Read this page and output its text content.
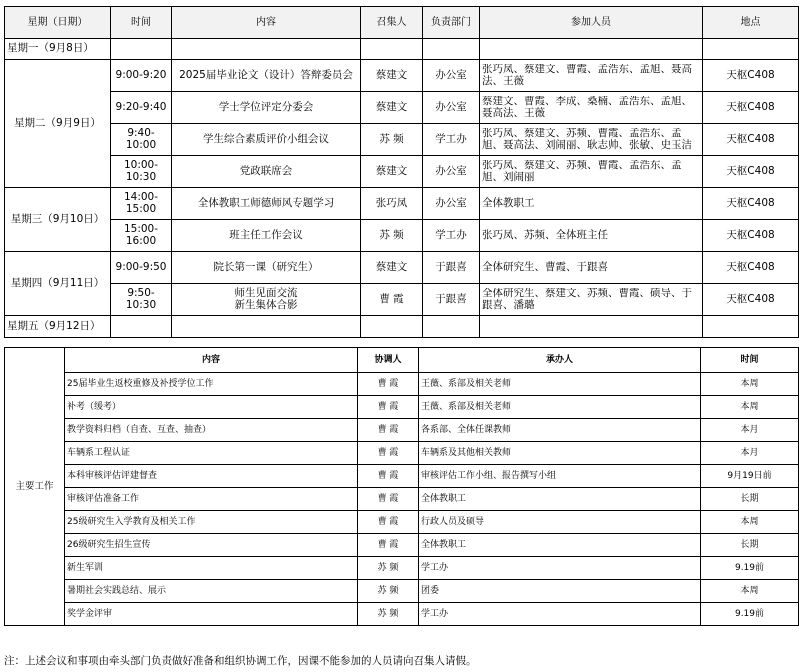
星期（日期）	时间	内容	召集人	负责部门	参加人员	地点
星期一（9月8日）						
星期二（9月9日）	9:00-9:20	2025届毕业论文（设计）答辩委员会	蔡建文	办公室	张巧凤、蔡建文、曹霞、孟浩东、孟旭、聂高法、王薇	天枢C408
	9:20-9:40	学士学位评定分委会	蔡建文	办公室	蔡建文、曹霞、李成、桑楠、孟浩东、孟旭、聂高法、王薇	天枢C408
	9:40-10:00	学生综合素质评价小组会议	苏 频	学工办	张巧凤、蔡建文、苏频、曹霞、孟浩东、孟旭、聂高法、刘闹丽、耿志帅、张敏、史玉洁	天枢C408
	10:00-10:30	党政联席会	蔡建文	办公室	张巧凤、蔡建文、苏频、曹霞、孟浩东、孟旭、刘闹丽	天枢C408
星期三（9月10日）	14:00-15:00	全体教职工师德师风专题学习	张巧凤	办公室	全体教职工	天枢C408
	15:00-16:00	班主任工作会议	苏 频	学工办	张巧凤、苏频、全体班主任	天枢C408
星期四（9月11日）	9:00-9:50	院长第一课（研究生）	蔡建文	于跟喜	全体研究生、曹霞、于跟喜	天枢C408
	9:50-10:30	师生见面交流
新生集体合影	曹 霞	于跟喜	全体研究生、蔡建文、苏频、曹霞、硕导、于跟喜、潘璐	天枢C408
星期五（9月12日）						
主要工作	内容	协调人	承办人	时间
	25届毕业生返校重修及补授学位工作	曹 霞	王薇、系部及相关老师	本周
	补考（缓考）	曹 霞	王薇、系部及相关老师	本周
	教学资料归档（自查、互查、抽查）	曹 霞	各系部、全体任课教师	本月
	车辆系工程认证	曹 霞	车辆系及其他相关教师	本月
	本科审核评估评建督查	曹 霞	审核评估工作小组、报告撰写小组	9月19日前
	审核评估准备工作	曹 霞	全体教职工	长期
	25级研究生入学教育及相关工作	曹 霞	行政人员及硕导	本周
	26级研究生招生宣传	曹 霞	全体教职工	长期
	新生军训	苏 频	学工办	9.19前
	暑期社会实践总结、展示	苏 频	团委	本周
	奖学金评审	苏 频	学工办	9.19前
注：上述会议和事项由牵头部门负责做好准备和组织协调工作，因课不能参加的人员请向召集人请假。
